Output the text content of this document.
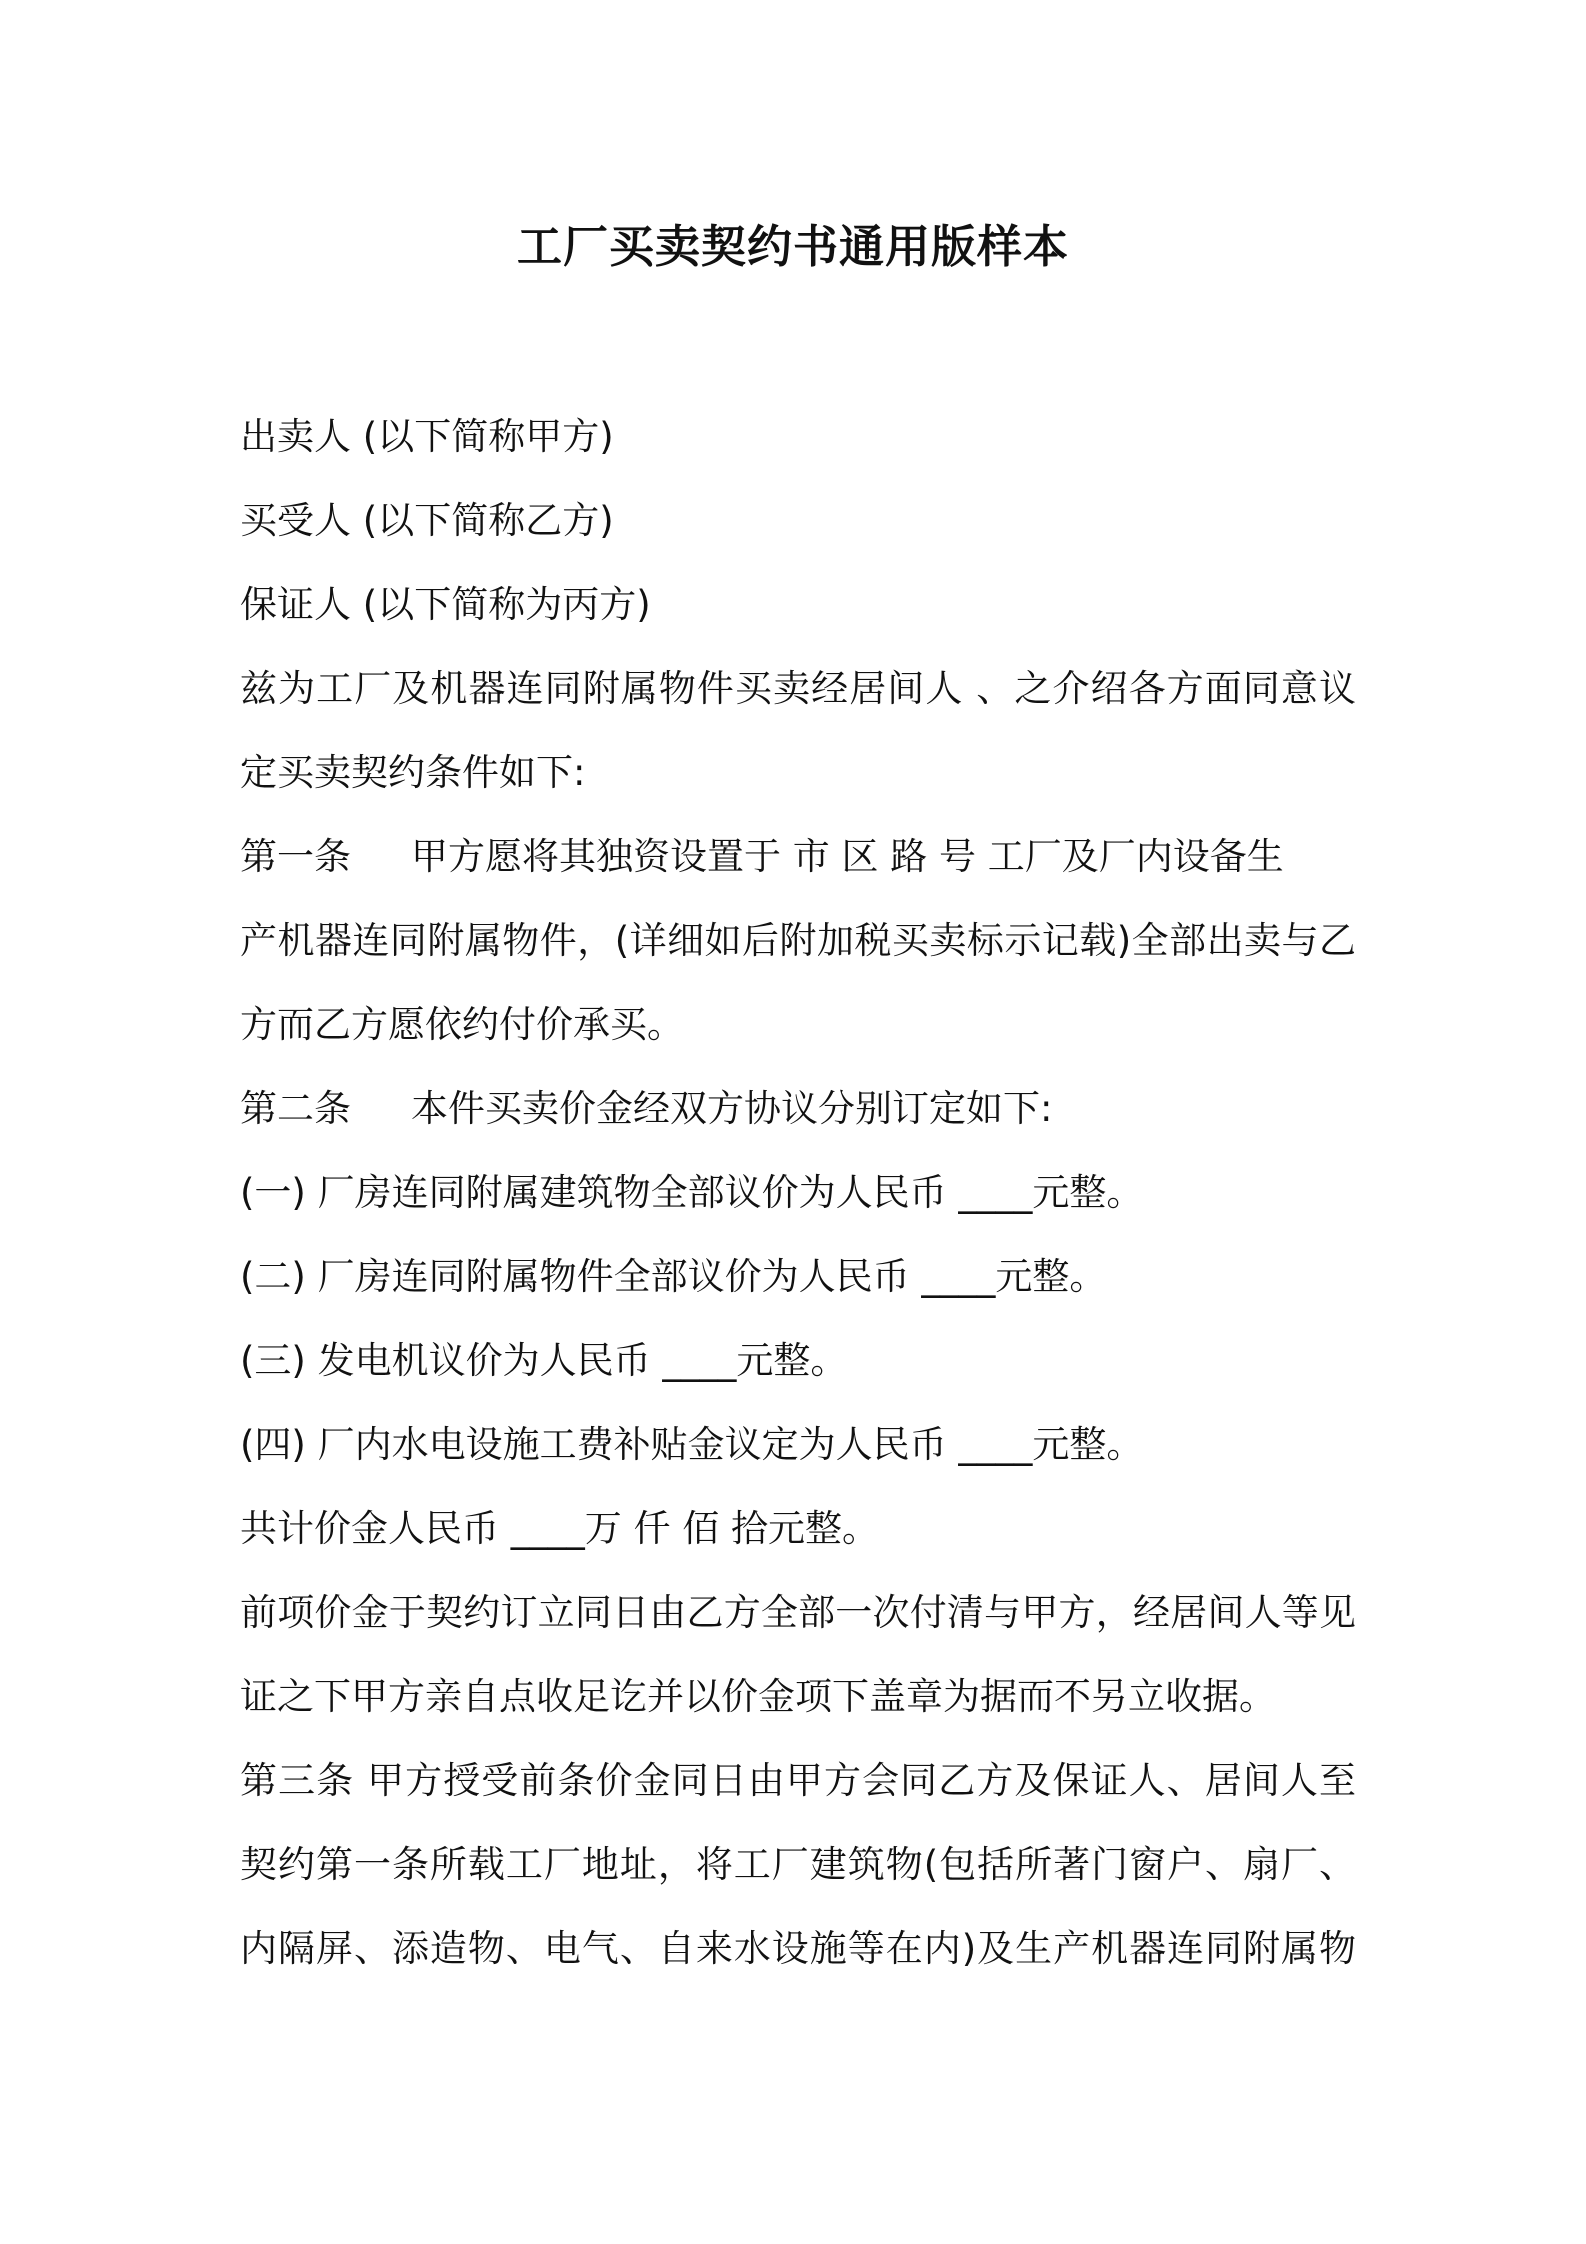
工厂买卖契约书通用版样本
出卖人 (以下简称甲方)
买受人 (以下简称乙方)
保证人 (以下简称为丙方)
兹为工厂及机器连同附属物件买卖经居间人 、之介绍各方面同意议
定买卖契约条件如下:
第一条 甲方愿将其独资设置于 市 区 路 号 工厂及厂内设备生
产机器连同附属物件，(详细如后附加税买卖标示记载)全部出卖与乙
方而乙方愿依约付价承买。
第二条 本件买卖价金经双方协议分别订定如下:
(一) 厂房连同附属建筑物全部议价为人民币 ____元整。
(二) 厂房连同附属物件全部议价为人民币 ____元整。
(三) 发电机议价为人民币 ____元整。
(四) 厂内水电设施工费补贴金议定为人民币 ____元整。
共计价金人民币 ____万 仟 佰 拾元整。
前项价金于契约订立同日由乙方全部一次付清与甲方，经居间人等见
证之下甲方亲自点收足讫并以价金项下盖章为据而不另立收据。
第三条 甲方授受前条价金同日由甲方会同乙方及保证人、居间人至
契约第一条所载工厂地址，将工厂建筑物(包括所著门窗户、扇厂、
内隔屏、添造物、电气、自来水设施等在内)及生产机器连同附属物
